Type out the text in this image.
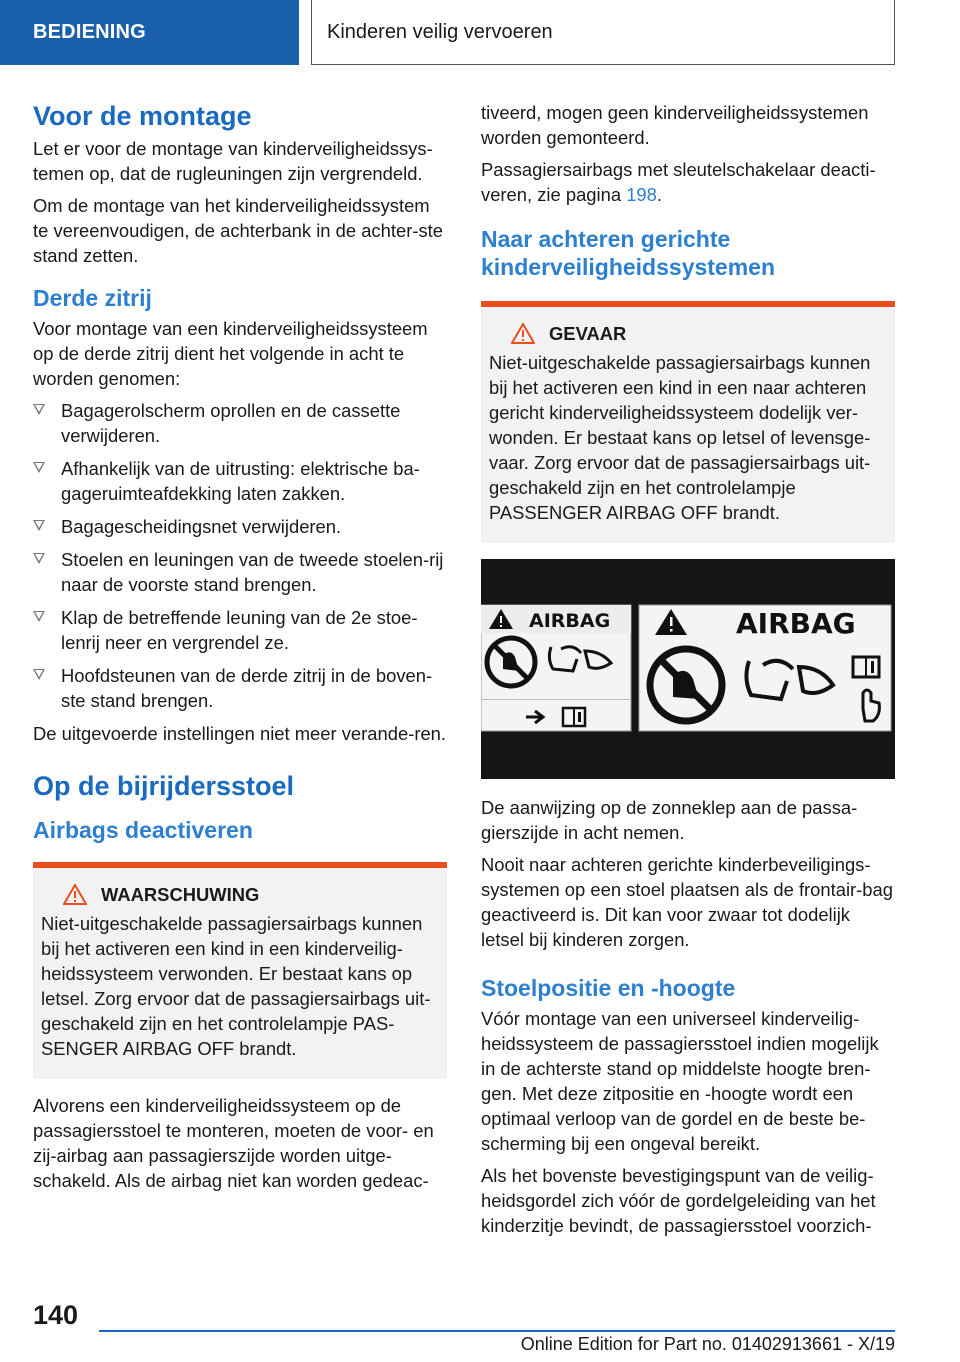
BEDIENING	Kinderen veilig vervoeren
Voor de montage

Let er voor de montage van kinderveiligheidssys-temen op, dat de rugleuningen zijn vergrendeld.

Om de montage van het kinderveiligheidssystem te vereenvoudigen, de achterbank in de achter-ste stand zetten.

Derde zitrij

Voor montage van een kinderveiligheidssysteem op de derde zitrij dient het volgende in acht te worden genomen:

Bagagerolscherm oprollen en de cassette verwijderen.
Afhankelijk van de uitrusting: elektrische ba-gageruimteafdekking laten zakken.
Bagagescheidingsnet verwijderen.
Stoelen en leuningen van de tweede stoelen-rij naar de voorste stand brengen.
Klap de betreffende leuning van de 2e stoe-lenrij neer en vergrendel ze.
Hoofdsteunen van de derde zitrij in de boven-ste stand brengen.

De uitgevoerde instellingen niet meer verande-ren.

Op de bijrijdersstoel
Airbags deactiveren
WAARSCHUWING
Niet-uitgeschakelde passagiersairbags kunnen bij het activeren een kind in een kinderveilig-heidssysteem verwonden. Er bestaat kans op letsel. Zorg ervoor dat de passagiersairbags uit-geschakeld zijn en het controlelampje PAS-SENGER AIRBAG OFF brandt.

Alvorens een kinderveiligheidssysteem op de passagiersstoel te monteren, moeten de voor- en zij-airbag aan passagierszijde worden uitge-schakeld. Als de airbag niet kan worden gedeac-

tiveerd, mogen geen kinderveiligheidssystemen worden gemonteerd.

Passagiersairbags met sleutelschakelaar deacti-veren, zie pagina 198.

Naar achteren gerichte kinderveiligheidssystemen
GEVAAR
Niet-uitgeschakelde passagiersairbags kunnen bij het activeren een kind in een naar achteren gericht kinderveiligheidssysteem dodelijk ver-wonden. Er bestaat kans op letsel of levensge-vaar. Zorg ervoor dat de passagiersairbags uit-geschakeld zijn en het controlelampje PASSENGER AIRBAG OFF brandt.
AIRBAG	AIRBAG

De aanwijzing op de zonneklep aan de passa-gierszijde in acht nemen.

Nooit naar achteren gerichte kinderbeveiligings-systemen op een stoel plaatsen als de frontair-bag geactiveerd is. Dit kan voor zwaar tot dodelijk letsel bij kinderen zorgen.

Stoelpositie en -hoogte

Vóór montage van een universeel kinderveilig-heidssysteem de passagiersstoel indien mogelijk in de achterste stand op middelste hoogte bren-gen. Met deze zitpositie en -hoogte wordt een optimaal verloop van de gordel en de beste be-scherming bij een ongeval bereikt.

Als het bovenste bevestigingspunt van de veilig-heidsgordel zich vóór de gordelgeleiding van het kinderzitje bevindt, de passagiersstoel voorzich-

140
Online Edition for Part no. 01402913661 - X/19
